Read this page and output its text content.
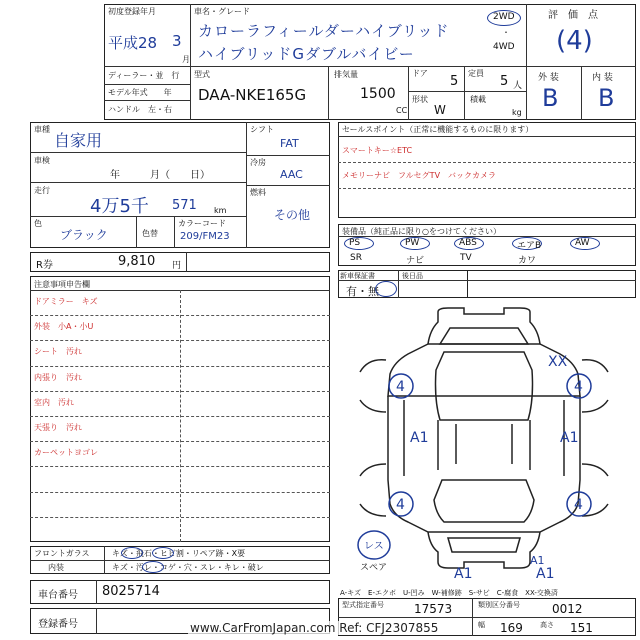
初度登録年月
平成28 3
月
車名・グレード
カローラフィールダーハイブリッド
ハイブリッドGダブルバイビー
2WD
・
4WD
評　価　点
(4)
ディーラー・並　行
モデル年式　　年
ハンドル　左・右
型式
DAA-NKE165G
排気量
1500
CC
ドア
5
形状
W
定員
5 人
積載
kg
外 装
B
内 装
B
車種
自家用
車検
年　　　月（　　日）
走行
4万5千 571 km
色
ブラック	色替
カラーコード
209/FM23
シフト
FAT
冷房
AAC
燃料
その他
R券	9,810 円
セールスポイント（正常に機能するものに限ります）
スマートキー☆ETC
メモリーナビ　フルセグTV　バックカメラ
装備品（純正品に限り○をつけてください）
PS	PW	ABS	エアB	AW
SR	ナビ	TV	カワ
新車保証書	後日品
有・無
注意事項申告欄
ドアミラー　キズ
外装　小A・小U
シート　汚れ
内張り　汚れ
室内　汚れ
天張り　汚れ
カーペットヨゴレ
フロントガラス	キズ・飛石・ヒビ割・リペア跡・X要
内装	キズ・汚レ・コゲ・穴・スレ・キレ・破レ
車台番号 8025714
登録番号
4	4
4	4
XX
A1	A1
A1	A1
A1
レス
スペア
A-キズ　E-エクボ　U-凹み　W-補修跡　S-サビ　C-腐食　XX-交換済
型式指定番号	17573	類別区分番号	0012
幅 169 高さ 151
www.CarFromJapan.com Ref: CFJ2307855
